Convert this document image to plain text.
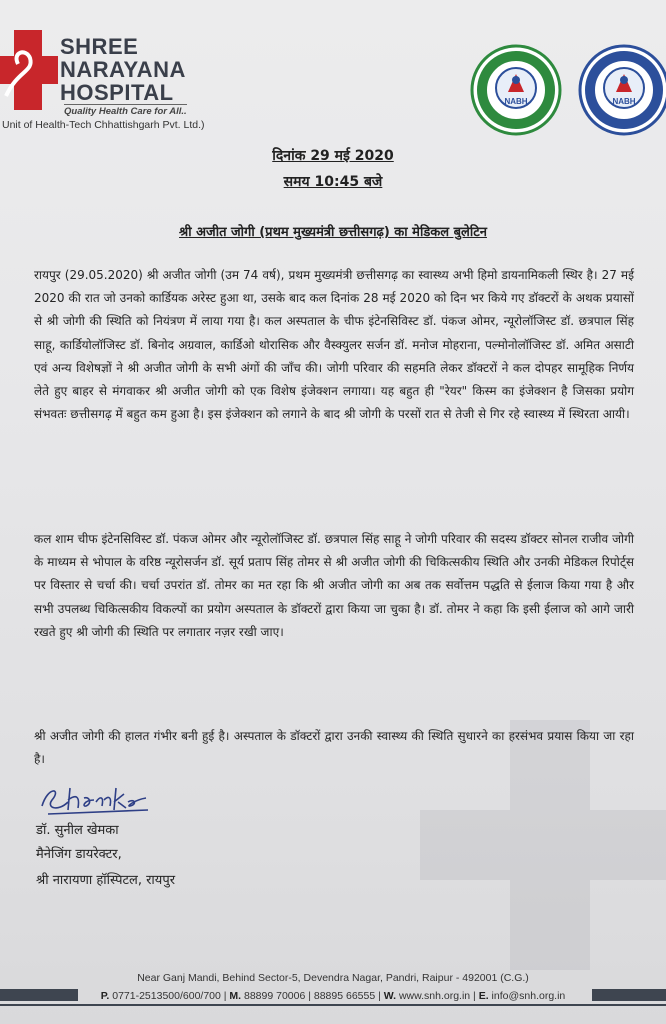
SHREE
NARAYANA
HOSPITAL
Quality Health Care for All..
Unit of Health-Tech Chhattishgarh Pvt. Ltd.)
NABH	NABH
दिनांक 29 मई 2020
समय 10:45 बजे
श्री अजीत जोगी (प्रथम मुख्यमंत्री छत्तीसगढ़) का मेडिकल बुलेटिन
रायपुर (29.05.2020) श्री अजीत जोगी (उम 74 वर्ष), प्रथम मुख्यमंत्री छत्तीसगढ़ का स्वास्थ्य अभी हिमो डायनामिकली स्थिर है। 27 मई 2020 की रात जो उनको कार्डियक अरेस्ट हुआ था, उसके बाद कल दिनांक 28 मई 2020 को दिन भर किये गए डॉक्टरों के अथक प्रयासों से श्री जोगी की स्थिति को नियंत्रण में लाया गया है। कल अस्पताल के चीफ इंटेनसिविस्ट डॉ. पंकज ओमर, न्यूरोलॉजिस्ट डॉ. छत्रपाल सिंह साहू, कार्डियोलॉजिस्ट डॉ. बिनोद अग्रवाल, कार्डिओ थोरासिक और वैस्क्युलर सर्जन डॉ. मनोज मोहराना, पल्मोनोलॉजिस्ट डॉ. अमित असाटी एवं अन्य विशेषज्ञों ने श्री अजीत जोगी के सभी अंगों की जाँच की। जोगी परिवार की सहमति लेकर डॉक्टरों ने कल दोपहर सामूहिक निर्णय लेते हुए बाहर से मंगवाकर श्री अजीत जोगी को एक विशेष इंजेक्शन लगाया। यह बहुत ही "रेयर" किस्म का इंजेक्शन है जिसका प्रयोग संभवतः छत्तीसगढ़ में बहुत कम हुआ है। इस इंजेक्शन को लगाने के बाद श्री जोगी के परसों रात से तेजी से गिर रहे स्वास्थ्य में स्थिरता आयी।
कल शाम चीफ इंटेनसिविस्ट डॉ. पंकज ओमर और न्यूरोलॉजिस्ट डॉ. छत्रपाल सिंह साहू ने जोगी परिवार की सदस्य डॉक्टर सोनल राजीव जोगी के माध्यम से भोपाल के वरिष्ठ न्यूरोसर्जन डॉ. सूर्य प्रताप सिंह तोमर से श्री अजीत जोगी की चिकित्सकीय स्थिति और उनकी मेडिकल रिपोर्ट्स पर विस्तार से चर्चा की। चर्चा उपरांत डॉ. तोमर का मत रहा कि श्री अजीत जोगी का अब तक सर्वोत्तम पद्धति से ईलाज किया गया है और सभी उपलब्ध चिकित्सकीय विकल्पों का प्रयोग अस्पताल के डॉक्टरों द्वारा किया जा चुका है। डॉ. तोमर ने कहा कि इसी ईलाज को आगे जारी रखते हुए श्री जोगी की स्थिति पर लगातार नज़र रखी जाए।
श्री अजीत जोगी की हालत गंभीर बनी हुई है। अस्पताल के डॉक्टरों द्वारा उनकी स्वास्थ्य की स्थिति सुधारने का हरसंभव प्रयास किया जा रहा है।
डॉ. सुनील खेमका
मैनेजिंग डायरेक्टर,
श्री नारायणा हॉस्पिटल, रायपुर
Near Ganj Mandi, Behind Sector-5, Devendra Nagar, Pandri, Raipur - 492001 (C.G.)
P. 0771-2513500/600/700 | M. 88899 70006 | 88895 66555 | W. www.snh.org.in | E. info@snh.org.in
